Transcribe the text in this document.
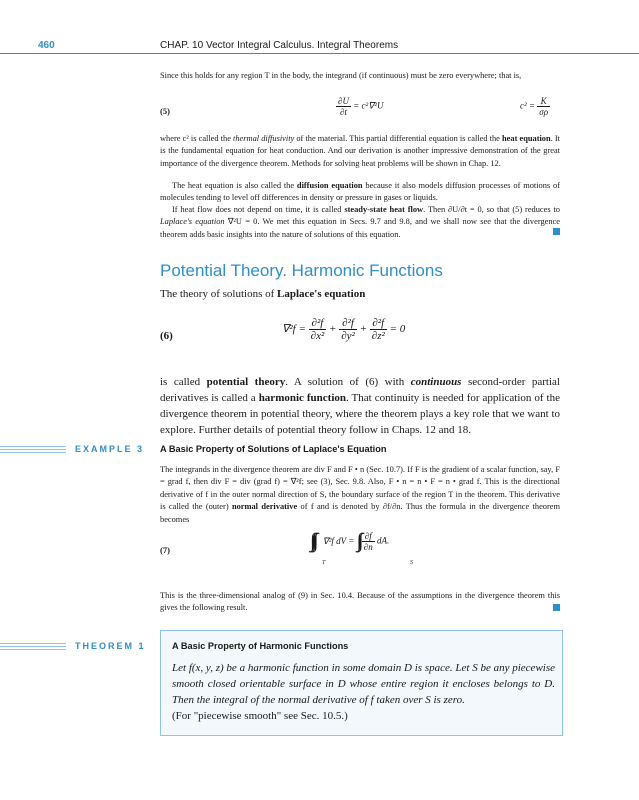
460	CHAP. 10 Vector Integral Calculus. Integral Theorems
Since this holds for any region T in the body, the integrand (if continuous) must be zero everywhere; that is,
(5)	$\frac{\partial U}{\partial t} = c^2\nabla^2U$	$c^2 = \frac{K}{\sigma\rho}$
where c² is called the thermal diffusivity of the material. This partial differential equation is called the heat equation. It is the fundamental equation for heat conduction. And our derivation is another impressive demonstration of the great importance of the divergence theorem. Methods for solving heat problems will be shown in Chap. 12.
The heat equation is also called the diffusion equation because it also models diffusion processes of motions of molecules tending to level off differences in density or pressure in gases or liquids.
If heat flow does not depend on time, it is called steady-state heat flow. Then ∂U/∂t = 0, so that (5) reduces to Laplace's equation ∇²U = 0. We met this equation in Secs. 9.7 and 9.8, and we shall now see that the divergence theorem adds basic insights into the nature of solutions of this equation.
Potential Theory. Harmonic Functions
The theory of solutions of Laplace's equation
(6)
$\nabla^2f = \frac{\text{∂²f}}{\text{∂x²}} + \frac{\text{∂²f}}{\text{∂y²}} + \frac{\text{∂²f}}{\text{∂z²}} = 0$
is called potential theory. A solution of (6) with continuous second-order partial derivatives is called a harmonic function. That continuity is needed for application of the divergence theorem in potential theory, where the theorem plays a key role that we want to explore. Further details of potential theory follow in Chaps. 12 and 18.
EXAMPLE 3 A Basic Property of Solutions of Laplace's Equation
The integrands in the divergence theorem are div F and F • n (Sec. 10.7). If F is the gradient of a scalar function, say, F = grad f, then div F = div (grad f) = ∇²f; see (3), Sec. 9.8. Also, F • n = n • F = n • grad f. This is the directional derivative of f in the outer normal direction of S, the boundary surface of the region T in the theorem. This derivative is called the (outer) normal derivative of f and is denoted by ∂f/∂n. Thus the formula in the divergence theorem becomes
(7)	∫∫∫
T
∇²f dV = ∫∫
S
$\frac{\partial f}{\partial n}$ dA.
This is the three-dimensional analog of (9) in Sec. 10.4. Because of the assumptions in the divergence theorem this gives the following result.
THEOREM 1	A Basic Property of Harmonic Functions
Let f(x, y, z) be a harmonic function in some domain D is space. Let S be any piecewise smooth closed orientable surface in D whose entire region it encloses belongs to D. Then the integral of the normal derivative of f taken over S is zero.
(For "piecewise smooth" see Sec. 10.5.)
